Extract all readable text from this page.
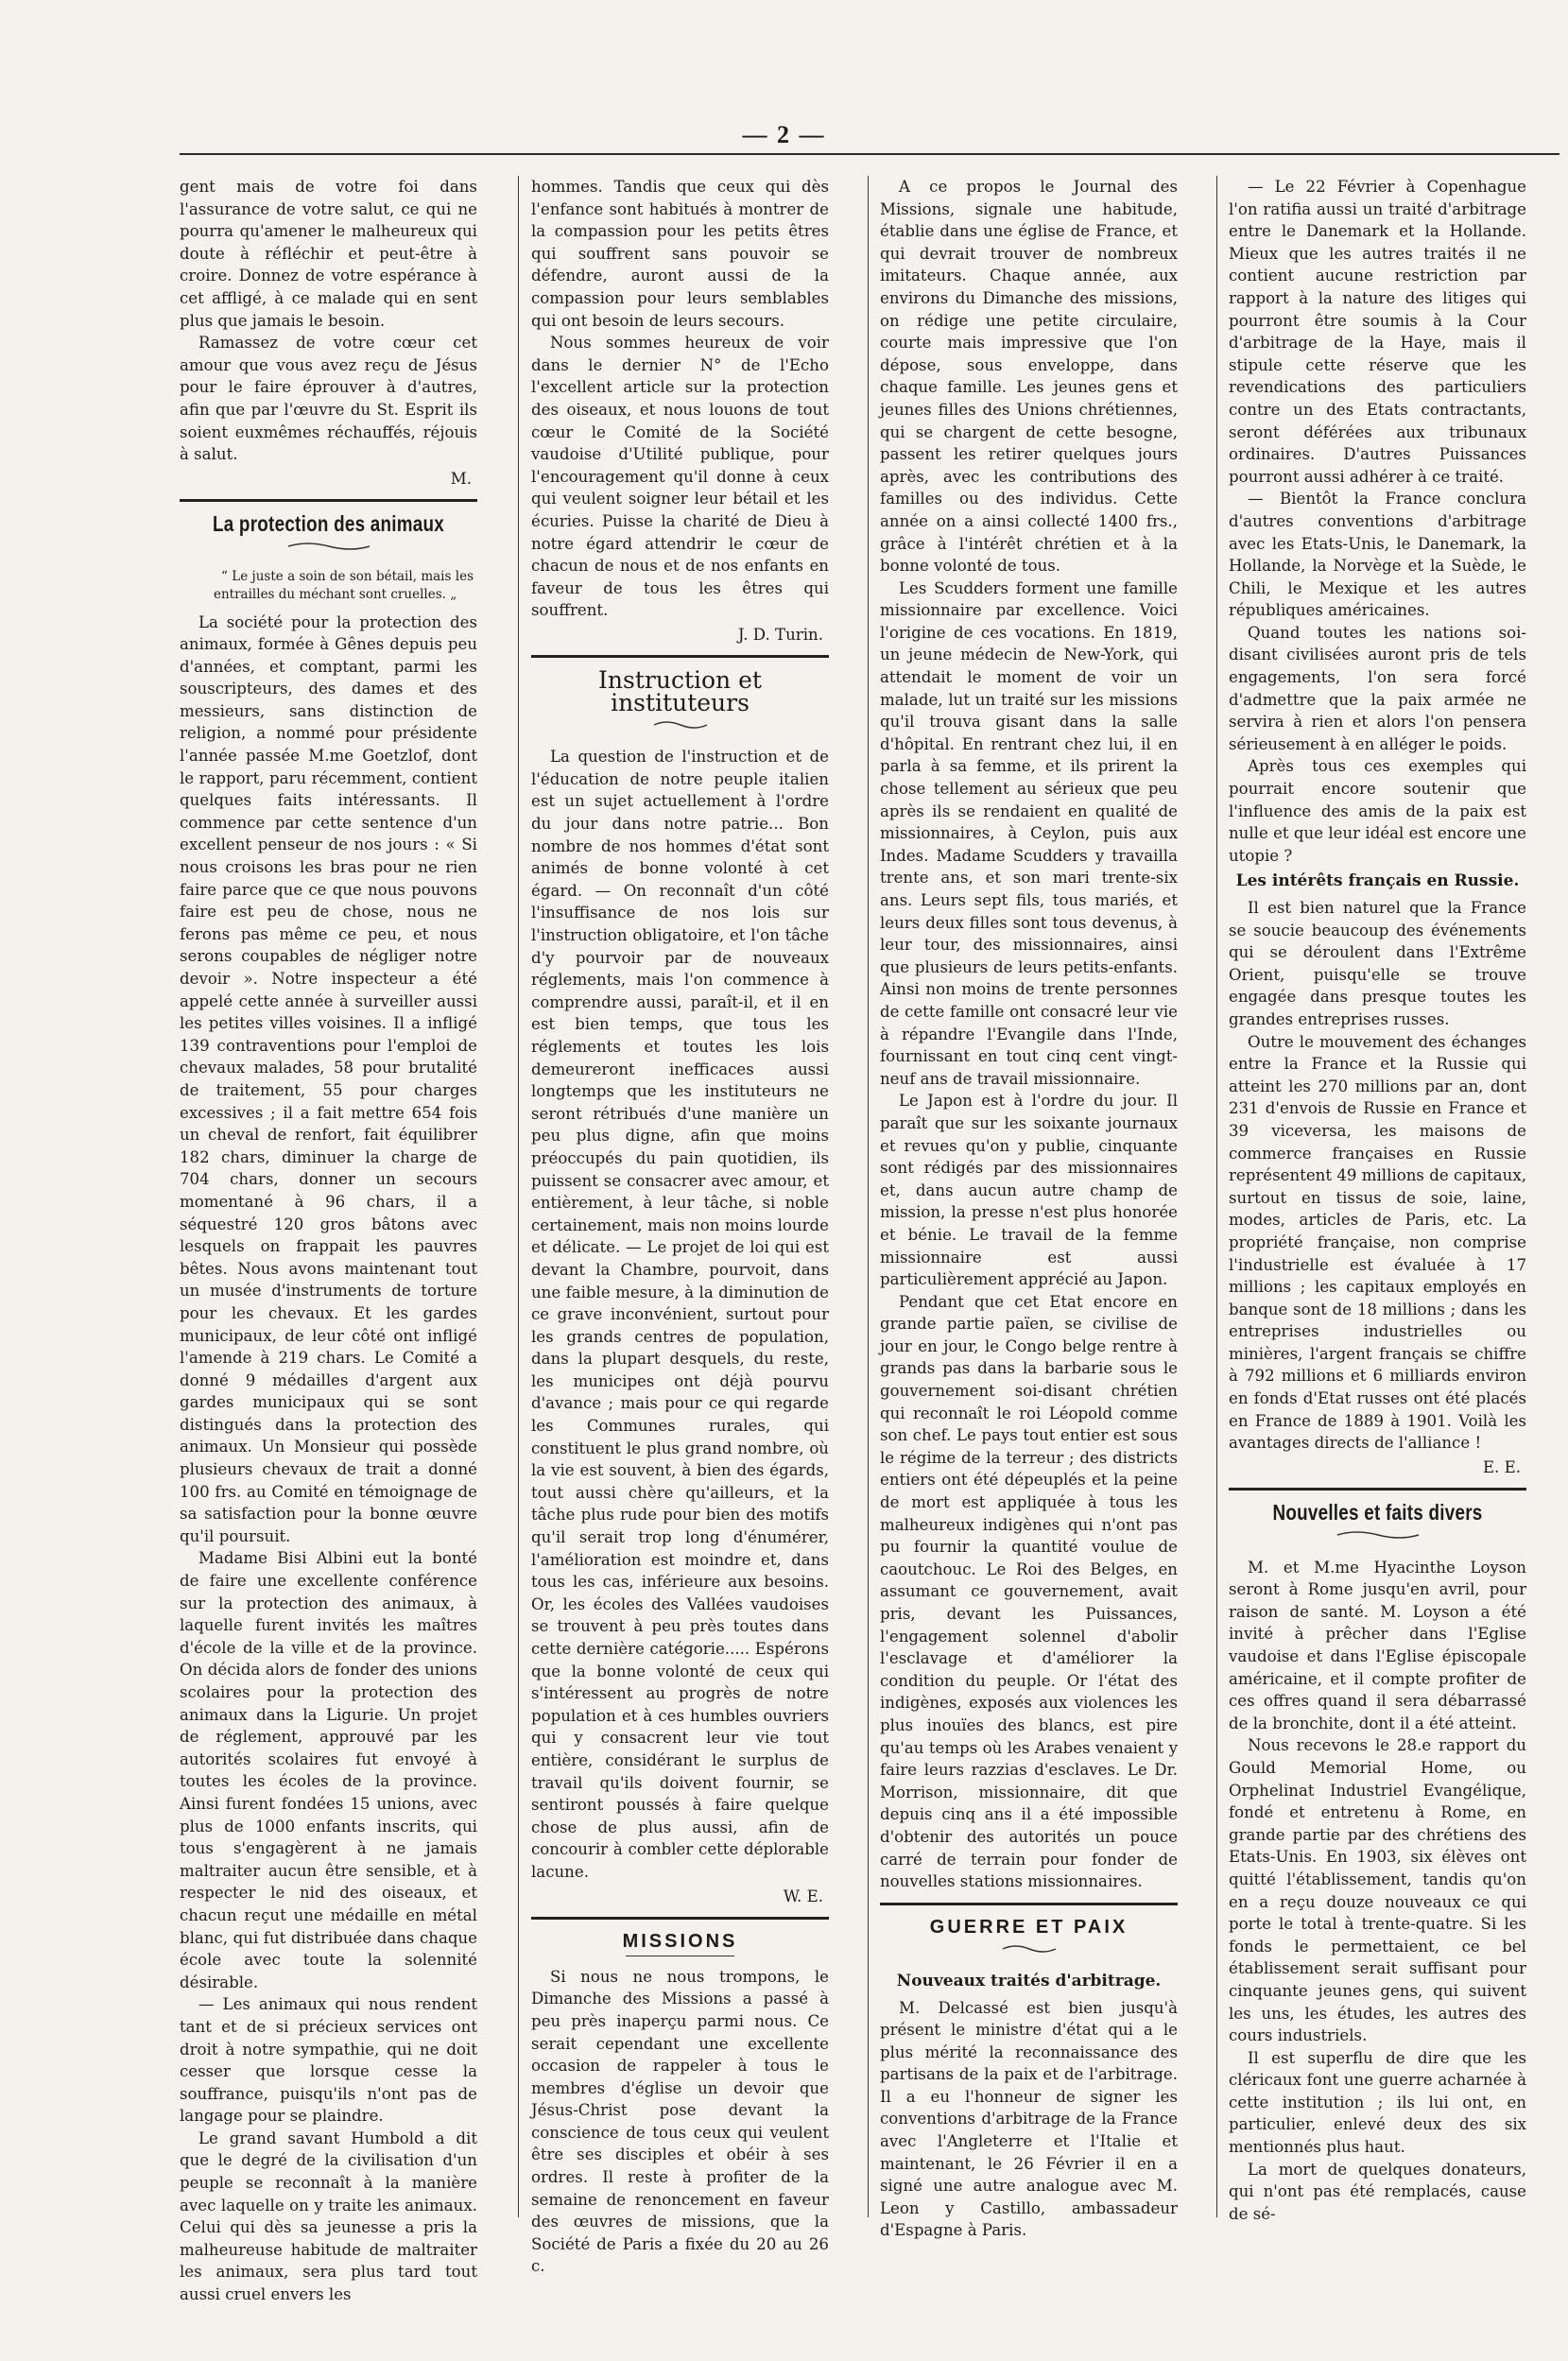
— 2 —

gent mais de votre foi dans l'assurance de votre salut, ce qui ne pourra qu'amener le malheureux qui doute à réfléchir et peut-être à croire. Donnez de votre espérance à cet affligé, à ce malade qui en sent plus que jamais le besoin.

Ramassez de votre cœur cet amour que vous avez reçu de Jésus pour le faire éprouver à d'autres, afin que par l'œuvre du St. Esprit ils soient euxmêmes réchauffés, réjouis à salut.

M.
La protection des animaux
“ Le juste a soin de son bétail, mais les entrailles du méchant sont cruelles. „

La société pour la protection des animaux, formée à Gênes depuis peu d'années, et comptant, parmi les souscripteurs, des dames et des messieurs, sans distinction de religion, a nommé pour présidente l'année passée M.me Goetzlof, dont le rapport, paru récemment, contient quelques faits intéressants. Il commence par cette sentence d'un excellent penseur de nos jours : « Si nous croisons les bras pour ne rien faire parce que ce que nous pouvons faire est peu de chose, nous ne ferons pas même ce peu, et nous serons coupables de négliger notre devoir ». Notre inspecteur a été appelé cette année à surveiller aussi les petites villes voisines. Il a infligé 139 contraventions pour l'emploi de chevaux malades, 58 pour brutalité de traitement, 55 pour charges excessives ; il a fait mettre 654 fois un cheval de renfort, fait équilibrer 182 chars, diminuer la charge de 704 chars, donner un secours momentané à 96 chars, il a séquestré 120 gros bâtons avec lesquels on frappait les pauvres bêtes. Nous avons maintenant tout un musée d'instruments de torture pour les chevaux. Et les gardes municipaux, de leur côté ont infligé l'amende à 219 chars. Le Comité a donné 9 médailles d'argent aux gardes municipaux qui se sont distingués dans la protection des animaux. Un Monsieur qui possède plusieurs chevaux de trait a donné 100 frs. au Comité en témoignage de sa satisfaction pour la bonne œuvre qu'il poursuit.

Madame Bisi Albini eut la bonté de faire une excellente conférence sur la protection des animaux, à laquelle furent invités les maîtres d'école de la ville et de la province. On décida alors de fonder des unions scolaires pour la protection des animaux dans la Ligurie. Un projet de réglement, approuvé par les autorités scolaires fut envoyé à toutes les écoles de la province. Ainsi furent fondées 15 unions, avec plus de 1000 enfants inscrits, qui tous s'engagèrent à ne jamais maltraiter aucun être sensible, et à respecter le nid des oiseaux, et chacun reçut une médaille en métal blanc, qui fut distribuée dans chaque école avec toute la solennité désirable.

— Les animaux qui nous rendent tant et de si précieux services ont droit à notre sympathie, qui ne doit cesser que lorsque cesse la souffrance, puisqu'ils n'ont pas de langage pour se plaindre.

Le grand savant Humbold a dit que le degré de la civilisation d'un peuple se reconnaît à la manière avec laquelle on y traite les animaux. Celui qui dès sa jeunesse a pris la malheureuse habitude de maltraiter les animaux, sera plus tard tout aussi cruel envers les

hommes. Tandis que ceux qui dès l'enfance sont habitués à montrer de la compassion pour les petits êtres qui souffrent sans pouvoir se défendre, auront aussi de la compassion pour leurs semblables qui ont besoin de leurs secours.

Nous sommes heureux de voir dans le dernier N° de l'Echo l'excellent article sur la protection des oiseaux, et nous louons de tout cœur le Comité de la Société vaudoise d'Utilité publique, pour l'encouragement qu'il donne à ceux qui veulent soigner leur bétail et les écuries. Puisse la charité de Dieu à notre égard attendrir le cœur de chacun de nous et de nos enfants en faveur de tous les êtres qui souffrent.

J. D. Turin.
Instruction et instituteurs

La question de l'instruction et de l'éducation de notre peuple italien est un sujet actuellement à l'ordre du jour dans notre patrie... Bon nombre de nos hommes d'état sont animés de bonne volonté à cet égard. — On reconnaît d'un côté l'insuffisance de nos lois sur l'instruction obligatoire, et l'on tâche d'y pourvoir par de nouveaux réglements, mais l'on commence à comprendre aussi, paraît-il, et il en est bien temps, que tous les réglements et toutes les lois demeureront inefficaces aussi longtemps que les instituteurs ne seront rétribués d'une manière un peu plus digne, afin que moins préoccupés du pain quotidien, ils puissent se consacrer avec amour, et entièrement, à leur tâche, si noble certainement, mais non moins lourde et délicate. — Le projet de loi qui est devant la Chambre, pourvoit, dans une faible mesure, à la diminution de ce grave inconvénient, surtout pour les grands centres de population, dans la plupart desquels, du reste, les municipes ont déjà pourvu d'avance ; mais pour ce qui regarde les Communes rurales, qui constituent le plus grand nombre, où la vie est souvent, à bien des égards, tout aussi chère qu'ailleurs, et la tâche plus rude pour bien des motifs qu'il serait trop long d'énumérer, l'amélioration est moindre et, dans tous les cas, inférieure aux besoins. Or, les écoles des Vallées vaudoises se trouvent à peu près toutes dans cette dernière catégorie..... Espérons que la bonne volonté de ceux qui s'intéressent au progrès de notre population et à ces humbles ouvriers qui y consacrent leur vie tout entière, considérant le surplus de travail qu'ils doivent fournir, se sentiront poussés à faire quelque chose de plus aussi, afin de concourir à combler cette déplorable lacune.

W. E.
MISSIONS

Si nous ne nous trompons, le Dimanche des Missions a passé à peu près inaperçu parmi nous. Ce serait cependant une excellente occasion de rappeler à tous le membres d'église un devoir que Jésus-Christ pose devant la conscience de tous ceux qui veulent être ses disciples et obéir à ses ordres. Il reste à profiter de la semaine de renoncement en faveur des œuvres de missions, que la Société de Paris a fixée du 20 au 26 c.

A ce propos le Journal des Missions, signale une habitude, établie dans une église de France, et qui devrait trouver de nombreux imitateurs. Chaque année, aux environs du Dimanche des missions, on rédige une petite circulaire, courte mais impressive que l'on dépose, sous enveloppe, dans chaque famille. Les jeunes gens et jeunes filles des Unions chrétiennes, qui se chargent de cette besogne, passent les retirer quelques jours après, avec les contributions des familles ou des individus. Cette année on a ainsi collecté 1400 frs., grâce à l'intérêt chrétien et à la bonne volonté de tous.

Les Scudders forment une famille missionnaire par excellence. Voici l'origine de ces vocations. En 1819, un jeune médecin de New-York, qui attendait le moment de voir un malade, lut un traité sur les missions qu'il trouva gisant dans la salle d'hôpital. En rentrant chez lui, il en parla à sa femme, et ils prirent la chose tellement au sérieux que peu après ils se rendaient en qualité de missionnaires, à Ceylon, puis aux Indes. Madame Scudders y travailla trente ans, et son mari trente-six ans. Leurs sept fils, tous mariés, et leurs deux filles sont tous devenus, à leur tour, des missionnaires, ainsi que plusieurs de leurs petits-enfants. Ainsi non moins de trente personnes de cette famille ont consacré leur vie à répandre l'Evangile dans l'Inde, fournissant en tout cinq cent vingt-neuf ans de travail missionnaire.

Le Japon est à l'ordre du jour. Il paraît que sur les soixante journaux et revues qu'on y publie, cinquante sont rédigés par des missionnaires et, dans aucun autre champ de mission, la presse n'est plus honorée et bénie. Le travail de la femme missionnaire est aussi particulièrement apprécié au Japon.

Pendant que cet Etat encore en grande partie païen, se civilise de jour en jour, le Congo belge rentre à grands pas dans la barbarie sous le gouvernement soi-disant chrétien qui reconnaît le roi Léopold comme son chef. Le pays tout entier est sous le régime de la terreur ; des districts entiers ont été dépeuplés et la peine de mort est appliquée à tous les malheureux indigènes qui n'ont pas pu fournir la quantité voulue de caoutchouc. Le Roi des Belges, en assumant ce gouvernement, avait pris, devant les Puissances, l'engagement solennel d'abolir l'esclavage et d'améliorer la condition du peuple. Or l'état des indigènes, exposés aux violences les plus inouïes des blancs, est pire qu'au temps où les Arabes venaient y faire leurs razzias d'esclaves. Le Dr. Morrison, missionnaire, dit que depuis cinq ans il a été impossible d'obtenir des autorités un pouce carré de terrain pour fonder de nouvelles stations missionnaires.

GUERRE ET PAIX
Nouveaux traités d'arbitrage.

M. Delcassé est bien jusqu'à présent le ministre d'état qui a le plus mérité la reconnaissance des partisans de la paix et de l'arbitrage. Il a eu l'honneur de signer les conventions d'arbitrage de la France avec l'Angleterre et l'Italie et maintenant, le 26 Février il en a signé une autre analogue avec M. Leon y Castillo, ambassadeur d'Espagne à Paris.

— Le 22 Février à Copenhague l'on ratifia aussi un traité d'arbitrage entre le Danemark et la Hollande. Mieux que les autres traités il ne contient aucune restriction par rapport à la nature des litiges qui pourront être soumis à la Cour d'arbitrage de la Haye, mais il stipule cette réserve que les revendications des particuliers contre un des Etats contractants, seront déférées aux tribunaux ordinaires. D'autres Puissances pourront aussi adhérer à ce traité.

— Bientôt la France conclura d'autres conventions d'arbitrage avec les Etats-Unis, le Danemark, la Hollande, la Norvège et la Suède, le Chili, le Mexique et les autres républiques américaines.

Quand toutes les nations soi-disant civilisées auront pris de tels engagements, l'on sera forcé d'admettre que la paix armée ne servira à rien et alors l'on pensera sérieusement à en alléger le poids.

Après tous ces exemples qui pourrait encore soutenir que l'influence des amis de la paix est nulle et que leur idéal est encore une utopie ?

Les intérêts français en Russie.

Il est bien naturel que la France se soucie beaucoup des événements qui se déroulent dans l'Extrême Orient, puisqu'elle se trouve engagée dans presque toutes les grandes entreprises russes.

Outre le mouvement des échanges entre la France et la Russie qui atteint les 270 millions par an, dont 231 d'envois de Russie en France et 39 viceversa, les maisons de commerce françaises en Russie représentent 49 millions de capitaux, surtout en tissus de soie, laine, modes, articles de Paris, etc. La propriété française, non comprise l'industrielle est évaluée à 17 millions ; les capitaux employés en banque sont de 18 millions ; dans les entreprises industrielles ou minières, l'argent français se chiffre à 792 millions et 6 milliards environ en fonds d'Etat russes ont été placés en France de 1889 à 1901. Voilà les avantages directs de l'alliance !

E. E.
Nouvelles et faits divers

M. et M.me Hyacinthe Loyson seront à Rome jusqu'en avril, pour raison de santé. M. Loyson a été invité à prêcher dans l'Eglise vaudoise et dans l'Eglise épiscopale américaine, et il compte profiter de ces offres quand il sera débarrassé de la bronchite, dont il a été atteint.

Nous recevons le 28.e rapport du Gould Memorial Home, ou Orphelinat Industriel Evangélique, fondé et entretenu à Rome, en grande partie par des chrétiens des Etats-Unis. En 1903, six élèves ont quitté l'établissement, tandis qu'on en a reçu douze nouveaux ce qui porte le total à trente-quatre. Si les fonds le permettaient, ce bel établissement serait suffisant pour cinquante jeunes gens, qui suivent les uns, les études, les autres des cours industriels.

Il est superflu de dire que les cléricaux font une guerre acharnée à cette institution ; ils lui ont, en particulier, enlevé deux des six mentionnés plus haut.

La mort de quelques donateurs, qui n'ont pas été remplacés, cause de sé-
